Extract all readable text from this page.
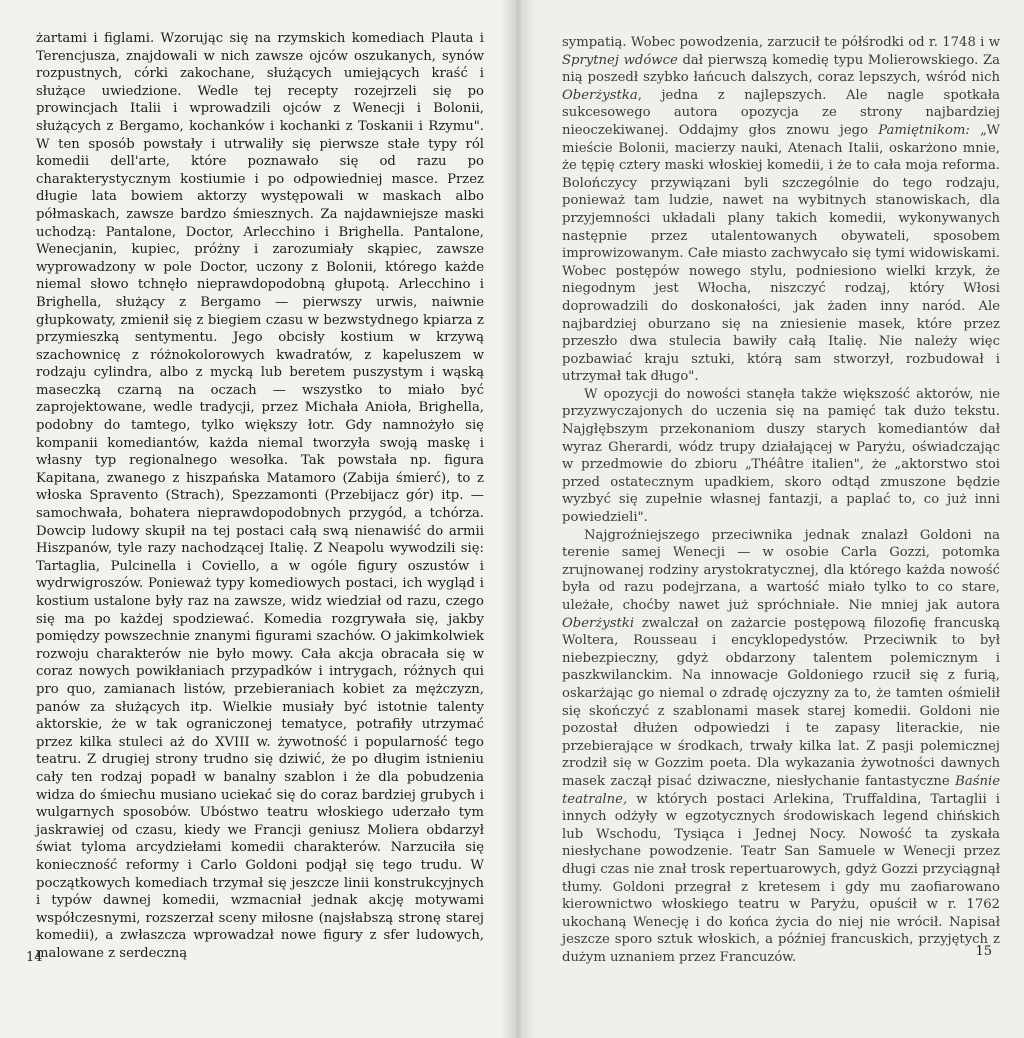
żartami i figlami. Wzorując się na rzymskich komediach Plauta i Terencjusza, znajdowali w nich zawsze ojców oszukanych, synów rozpustnych, córki zakochane, służących umiejących kraść i służące uwiedzione. Wedle tej recepty rozejrzeli się po prowincjach Italii i wprowadzili ojców z Wenecji i Bolonii, służących z Bergamo, kochanków i kochanki z Toskanii i Rzymu". W ten sposób powstały i utrwaliły się pierwsze stałe typy ról komedii dell'arte, które poznawało się od razu po charakterystycznym kostiumie i po odpowiedniej masce. Przez długie lata bowiem aktorzy występowali w maskach albo półmaskach, zawsze bardzo śmiesznych. Za najdawniejsze maski uchodzą: Pantalone, Doctor, Arlecchino i Brighella. Pantalone, Wenecjanin, kupiec, próżny i zarozumiały skąpiec, zawsze wyprowadzony w pole Doctor, uczony z Bolonii, którego każde niemal słowo tchnęło nieprawdopodobną głupotą. Arlecchino i Brighella, służący z Bergamo — pierwszy urwis, naiwnie głupkowaty, zmienił się z biegiem czasu w bezwstydnego kpiarza z przymieszką sentymentu. Jego obcisły kostium w krzywą szachownicę z różnokolorowych kwadratów, z kapeluszem w rodzaju cylindra, albo z mycką lub beretem puszystym i wąską maseczką czarną na oczach — wszystko to miało być zaprojektowane, wedle tradycji, przez Michała Anioła, Brighella, podobny do tamtego, tylko większy łotr. Gdy namnożyło się kompanii komediantów, każda niemal tworzyła swoją maskę i własny typ regionalnego wesołka. Tak powstała np. figura Kapitana, zwanego z hiszpańska Matamoro (Zabija śmierć), to z włoska Spravento (Strach), Spezzamonti (Przebijacz gór) itp. — samochwała, bohatera nieprawdopodobnych przygód, a tchórza. Dowcip ludowy skupił na tej postaci całą swą nienawiść do armii Hiszpanów, tyle razy nachodzącej Italię. Z Neapolu wywodzili się: Tartaglia, Pulcinella i Coviello, a w ogóle figury oszustów i wydrwigroszów. Ponieważ typy komediowych postaci, ich wygląd i kostium ustalone były raz na zawsze, widz wiedział od razu, czego się ma po każdej spodziewać. Komedia rozgrywała się, jakby pomiędzy powszechnie znanymi figurami szachów. O jakimkolwiek rozwoju charakterów nie było mowy. Cała akcja obracała się w coraz nowych powikłaniach przypadków i intrygach, różnych qui pro quo, zamianach listów, przebieraniach kobiet za mężczyzn, panów za służących itp. Wielkie musiały być istotnie talenty aktorskie, że w tak ograniczonej tematyce, potrafiły utrzymać przez kilka stuleci aż do XVIII w. żywotność i popularność tego teatru. Z drugiej strony trudno się dziwić, że po długim istnieniu cały ten rodzaj popadł w banalny szablon i że dla pobudzenia widza do śmiechu musiano uciekać się do coraz bardziej grubych i wulgarnych sposobów. Ubóstwo teatru włoskiego uderzało tym jaskrawiej od czasu, kiedy we Francji geniusz Moliera obdarzył świat tyloma arcydziełami komedii charakterów. Narzuciła się konieczność reformy i Carlo Goldoni podjął się tego trudu. W początkowych komediach trzymał się jeszcze linii konstrukcyjnych i typów dawnej komedii, wzmacniał jednak akcję motywami współczesnymi, rozszerzał sceny miłosne (najsłabszą stronę starej komedii), a zwłaszcza wprowadzał nowe figury z sfer ludowych, malowane z serdeczną

14

sympatią. Wobec powodzenia, zarzucił te półśrodki od r. 1748 i w Sprytnej wdówce dał pierwszą komedię typu Molierowskiego. Za nią poszedł szybko łańcuch dalszych, coraz lepszych, wśród nich Oberżystka, jedna z najlepszych. Ale nagle spotkała sukcesowego autora opozycja ze strony najbardziej nieoczekiwanej. Oddajmy głos znowu jego Pamiętnikom: „W mieście Bolonii, macierzy nauki, Atenach Italii, oskarżono mnie, że tępię cztery maski włoskiej komedii, i że to cała moja reforma. Bolończycy przywiązani byli szczególnie do tego rodzaju, ponieważ tam ludzie, nawet na wybitnych stanowiskach, dla przyjemności układali plany takich komedii, wykonywanych następnie przez utalentowanych obywateli, sposobem improwizowanym. Całe miasto zachwycało się tymi widowiskami. Wobec postępów nowego stylu, podniesiono wielki krzyk, że niegodnym jest Włocha, niszczyć rodzaj, który Włosi doprowadzili do doskonałości, jak żaden inny naród. Ale najbardziej oburzano się na zniesienie masek, które przez przeszło dwa stulecia bawiły całą Italię. Nie należy więc pozbawiać kraju sztuki, którą sam stworzył, rozbudował i utrzymał tak długo".

W opozycji do nowości stanęła także większość aktorów, nie przyzwyczajonych do uczenia się na pamięć tak dużo tekstu. Najgłębszym przekonaniom duszy starych komediantów dał wyraz Gherardi, wódz trupy działającej w Paryżu, oświadczając w przedmowie do zbioru „Théâtre italien", że „aktorstwo stoi przed ostatecznym upadkiem, skoro odtąd zmuszone będzie wyzbyć się zupełnie własnej fantazji, a paplać to, co już inni powiedzieli".

Najgroźniejszego przeciwnika jednak znalazł Goldoni na terenie samej Wenecji — w osobie Carla Gozzi, potomka zrujnowanej rodziny arystokratycznej, dla którego każda nowość była od razu podejrzana, a wartość miało tylko to co stare, uleżałe, choćby nawet już spróchniałe. Nie mniej jak autora Oberżystki zwalczał on zażarcie postępową filozofię francuską Woltera, Rousseau i encyklopedystów. Przeciwnik to był niebezpieczny, gdyż obdarzony talentem polemicznym i paszkwilanckim. Na innowacje Goldoniego rzucił się z furią, oskarżając go niemal o zdradę ojczyzny za to, że tamten ośmielił się skończyć z szablonami masek starej komedii. Goldoni nie pozostał dłużen odpowiedzi i te zapasy literackie, nie przebierające w środkach, trwały kilka lat. Z pasji polemicznej zrodził się w Gozzim poeta. Dla wykazania żywotności dawnych masek zaczął pisać dziwaczne, niesłychanie fantastyczne Baśnie teatralne, w których postaci Arlekina, Truffaldina, Tartaglii i innych odżyły w egzotycznych środowiskach legend chińskich lub Wschodu, Tysiąca i Jednej Nocy. Nowość ta zyskała niesłychane powodzenie. Teatr San Samuele w Wenecji przez długi czas nie znał trosk repertuarowych, gdyż Gozzi przyciągnął tłumy. Goldoni przegrał z kretesem i gdy mu zaofiarowano kierownictwo włoskiego teatru w Paryżu, opuścił w r. 1762 ukochaną Wenecję i do końca życia do niej nie wrócił. Napisał jeszcze sporo sztuk włoskich, a później francuskich, przyjętych z dużym uznaniem przez Francuzów.	15
